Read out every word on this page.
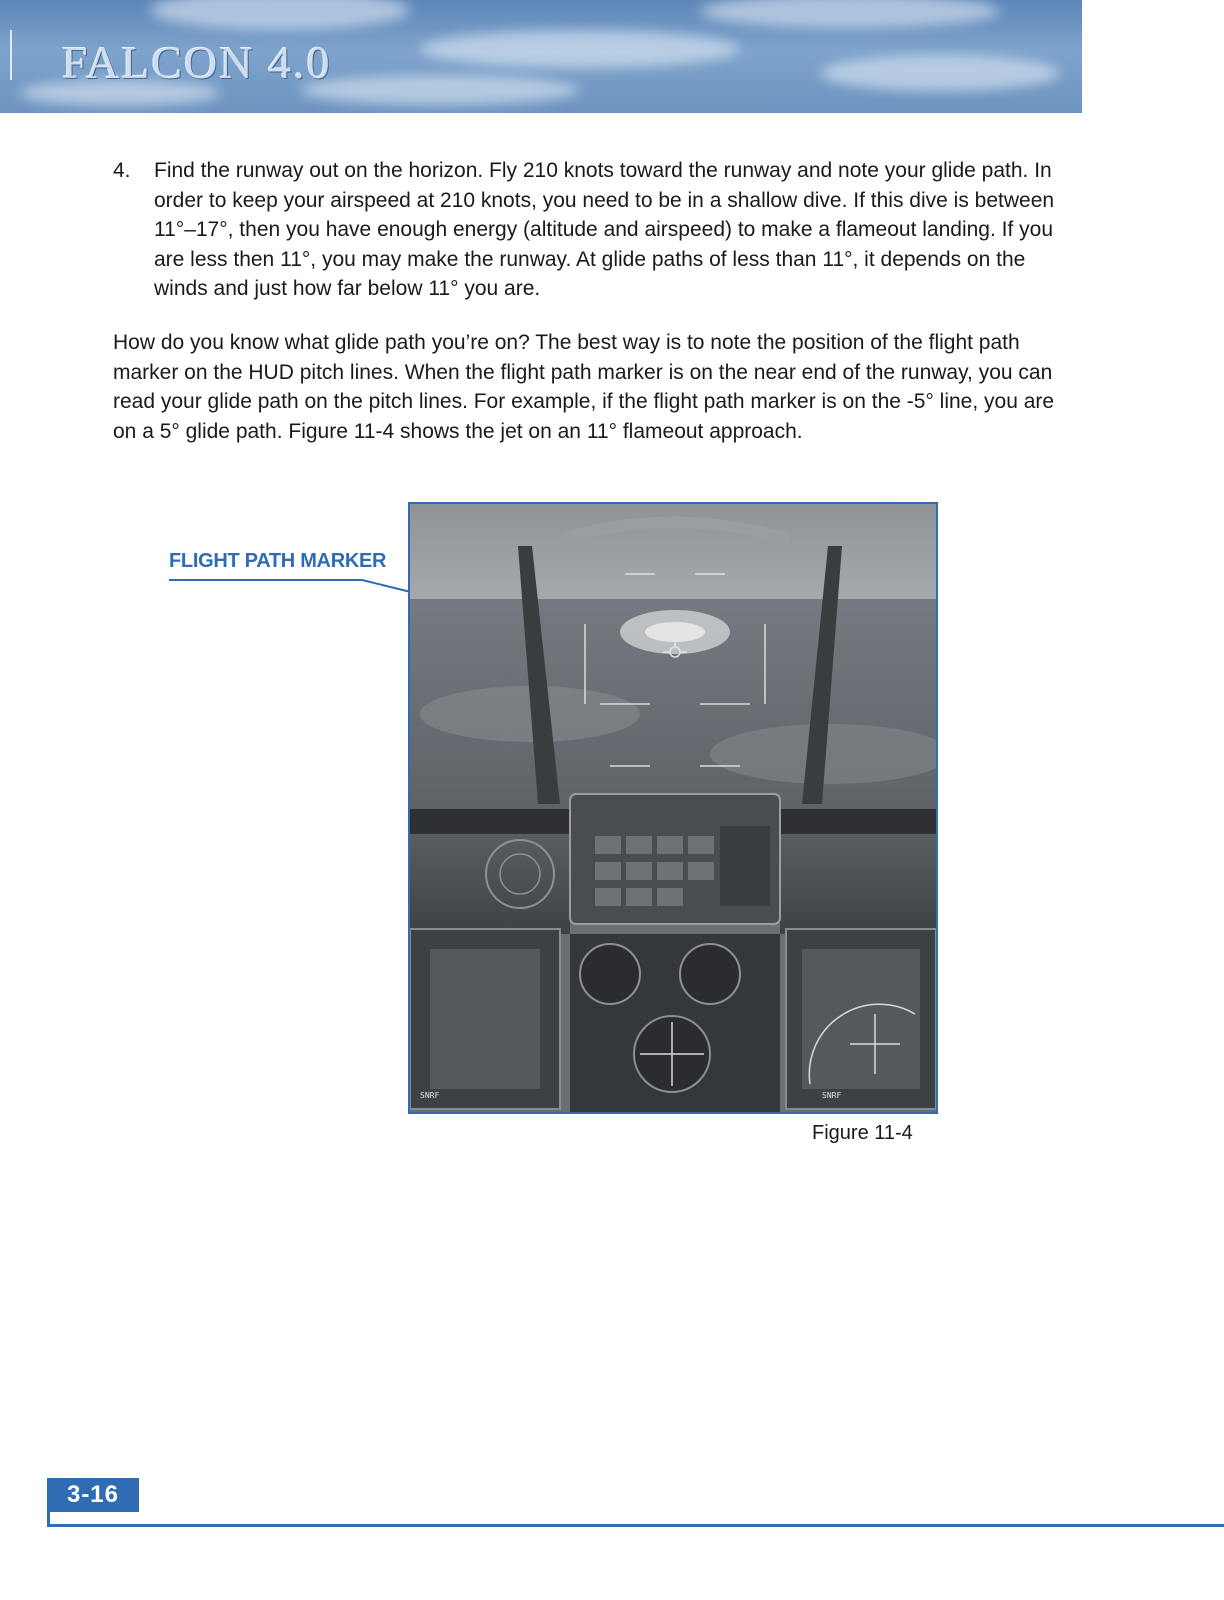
FALCON 4.0
4. Find the runway out on the horizon. Fly 210 knots toward the runway and note your glide path. In order to keep your airspeed at 210 knots, you need to be in a shallow dive. If this dive is between 11°–17°, then you have enough energy (altitude and airspeed) to make a flameout landing. If you are less then 11°, you may make the runway. At glide paths of less than 11°, it depends on the winds and just how far below 11° you are.
How do you know what glide path you’re on? The best way is to note the position of the flight path marker on the HUD pitch lines. When the flight path marker is on the near end of the runway, you can read your glide path on the pitch lines. For example, if the flight path marker is on the -5° line, you are on a 5° glide path. Figure 11-4 shows the jet on an 11° flameout approach.
FLIGHT PATH MARKER
SNRF	SNRF
Figure 11-4
3-16
